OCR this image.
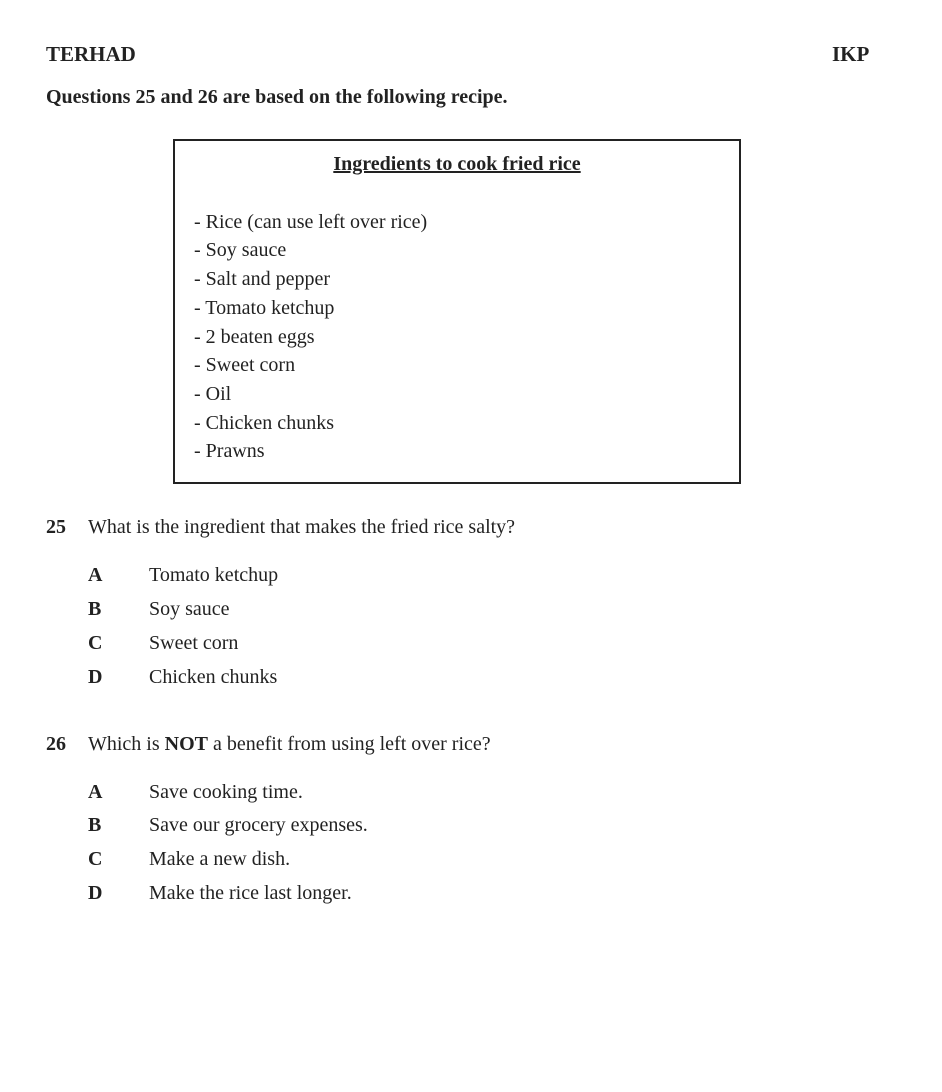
TERHAD	IKP
Questions 25 and 26 are based on the following recipe.
Ingredients to cook fried rice
- Rice (can use left over rice)
- Soy sauce
- Salt and pepper
- Tomato ketchup
- 2 beaten eggs
- Sweet corn
- Oil
- Chicken chunks
- Prawns
25 What is the ingredient that makes the fried rice salty?
A Tomato ketchup
B Soy sauce
C Sweet corn
D Chicken chunks
26 Which is NOT a benefit from using left over rice?
A Save cooking time.
B Save our grocery expenses.
C Make a new dish.
D Make the rice last longer.
